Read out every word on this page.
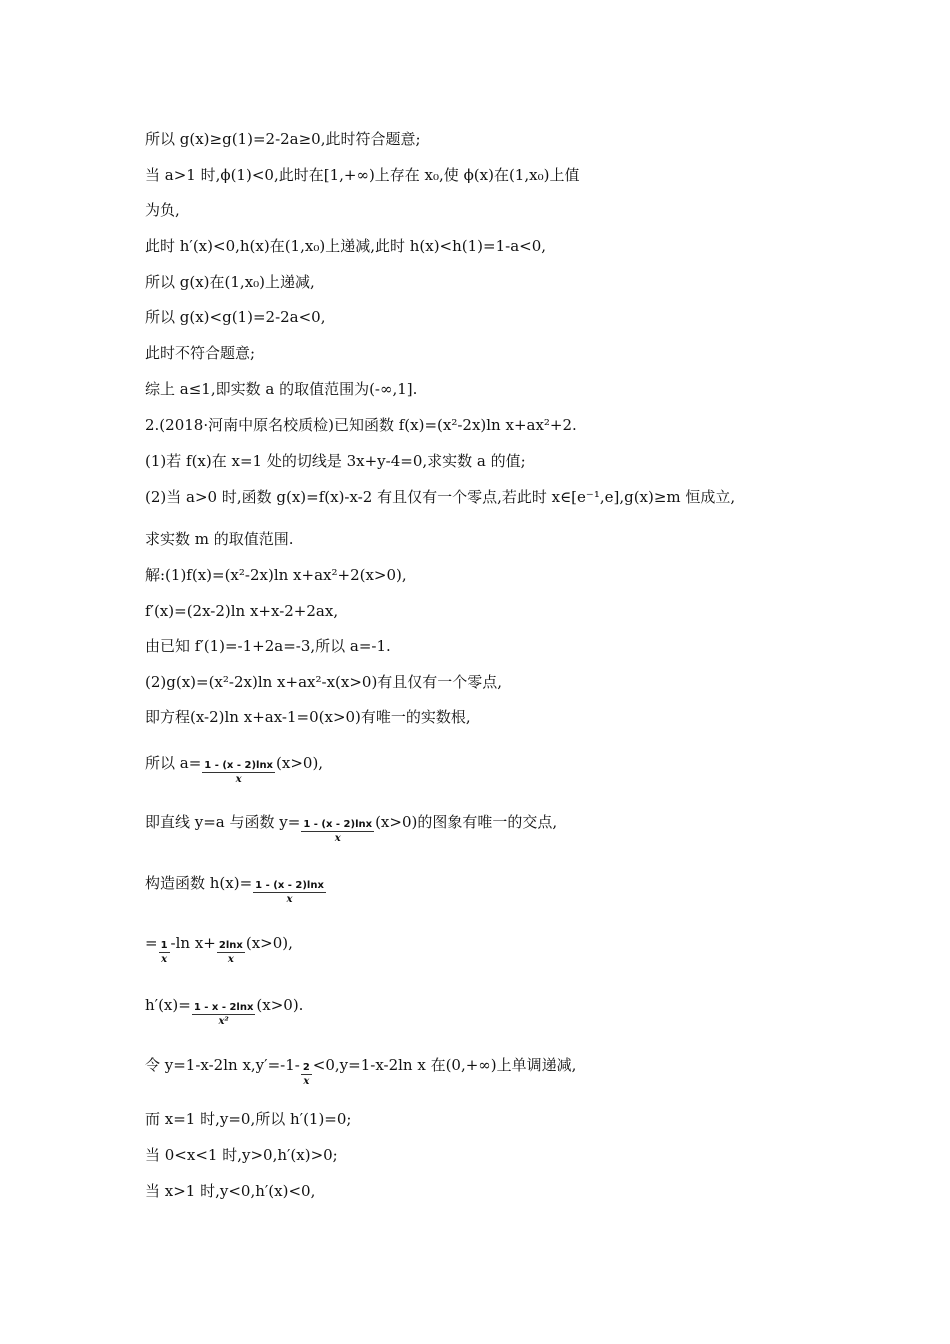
所以 g(x)≥g(1)=2-2a≥0,此时符合题意;
当 a>1 时,ϕ(1)<0,此时在[1,+∞)上存在 x₀,使 ϕ(x)在(1,x₀)上值
为负,
此时 h′(x)<0,h(x)在(1,x₀)上递减,此时 h(x)<h(1)=1-a<0,
所以 g(x)在(1,x₀)上递减,
所以 g(x)<g(1)=2-2a<0,
此时不符合题意;
综上 a≤1,即实数 a 的取值范围为(-∞,1].
2.(2018·河南中原名校质检)已知函数 f(x)=(x²-2x)ln x+ax²+2.
(1)若 f(x)在 x=1 处的切线是 3x+y-4=0,求实数 a 的值;
(2)当 a>0 时,函数 g(x)=f(x)-x-2 有且仅有一个零点,若此时 x∈[e⁻¹,e],g(x)≥m 恒成立,
求实数 m 的取值范围.
解:(1)f(x)=(x²-2x)ln x+ax²+2(x>0),
f′(x)=(2x-2)ln x+x-2+2ax,
由已知 f′(1)=-1+2a=-3,所以 a=-1.
(2)g(x)=(x²-2x)ln x+ax²-x(x>0)有且仅有一个零点,
即方程(x-2)ln x+ax-1=0(x>0)有唯一的实数根,
所以 $a= \frac{1 - (x - 2)\ln x}{x} (x>0)$,
即直线 y=a 与函数 $y= \frac{1 - (x - 2)\ln x}{x} (x>0)$的图象有唯一的交点,
构造函数 $h(x)= \frac{1 - (x - 2)\ln x}{x}$
= $\frac{1}{x} -\ln$ $x+ \frac{2\ln x}{x} (x>0)$,
$h'(x)= \frac{1 - x - 2\ln x}{\text{x²}} (x>0)$.
令 y=1-x-2ln $x,y'=-1- \frac{2}{x} <0,y=1-x-2\ln$ x 在(0,+∞)上单调递减,
而 x=1 时,y=0,所以 h′(1)=0;
当 0<x<1 时,y>0,h′(x)>0;
当 x>1 时,y<0,h′(x)<0,
